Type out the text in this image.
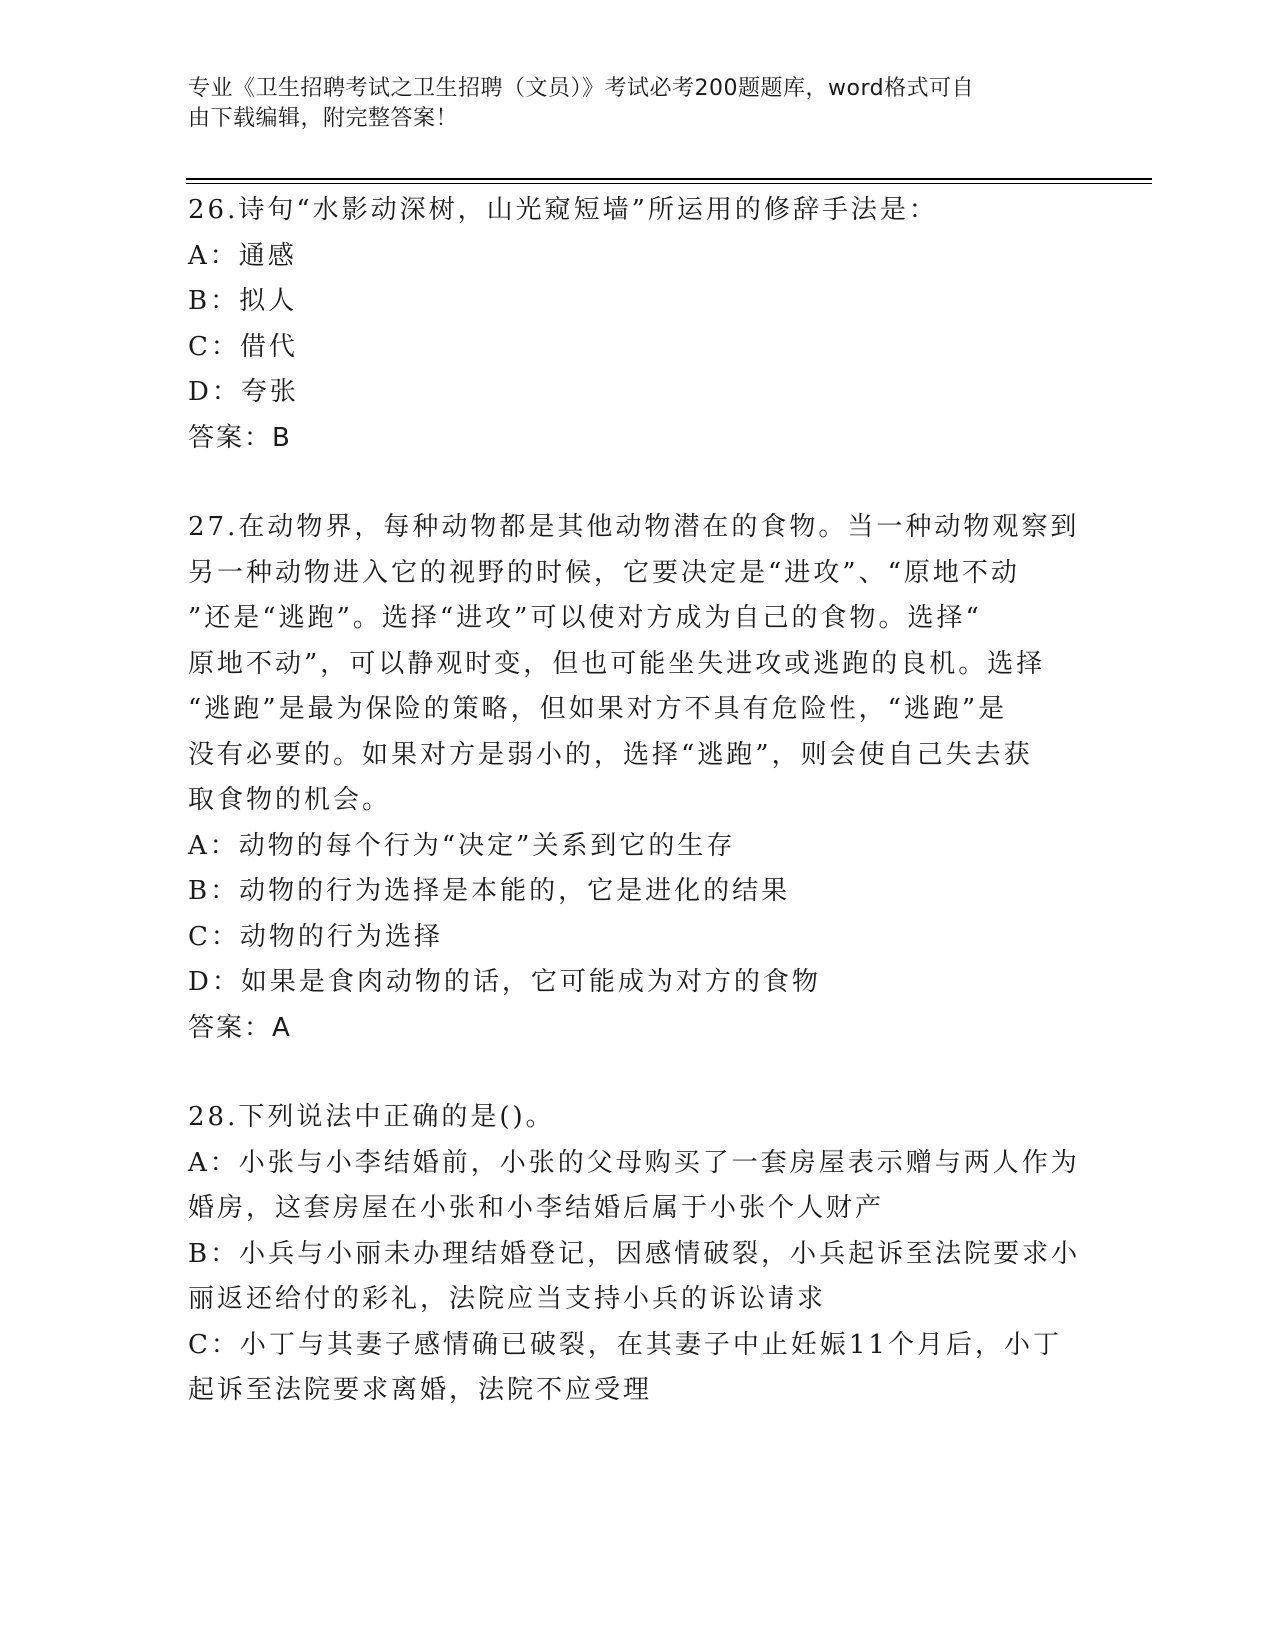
专业《卫生招聘考试之卫生招聘（文员）》考试必考200题题库，word格式可自
由下载编辑，附完整答案！
26.诗句“水影动深树，山光窥短墙”所运用的修辞手法是：
A：通感
B：拟人
C：借代
D：夸张
答案：B
27.在动物界，每种动物都是其他动物潜在的食物。当一种动物观察到
另一种动物进入它的视野的时候，它要决定是“进攻”、“原地不动
”还是“逃跑”。选择“进攻”可以使对方成为自己的食物。选择“
原地不动”，可以静观时变，但也可能坐失进攻或逃跑的良机。选择
“逃跑”是最为保险的策略，但如果对方不具有危险性，“逃跑”是
没有必要的。如果对方是弱小的，选择“逃跑”，则会使自己失去获
取食物的机会。
A：动物的每个行为“决定”关系到它的生存
B：动物的行为选择是本能的，它是进化的结果
C：动物的行为选择
D：如果是食肉动物的话，它可能成为对方的食物
答案：A
28.下列说法中正确的是()。
A：小张与小李结婚前，小张的父母购买了一套房屋表示赠与两人作为
婚房，这套房屋在小张和小李结婚后属于小张个人财产
B：小兵与小丽未办理结婚登记，因感情破裂，小兵起诉至法院要求小
丽返还给付的彩礼，法院应当支持小兵的诉讼请求
C：小丁与其妻子感情确已破裂，在其妻子中止妊娠11个月后，小丁
起诉至法院要求离婚，法院不应受理
